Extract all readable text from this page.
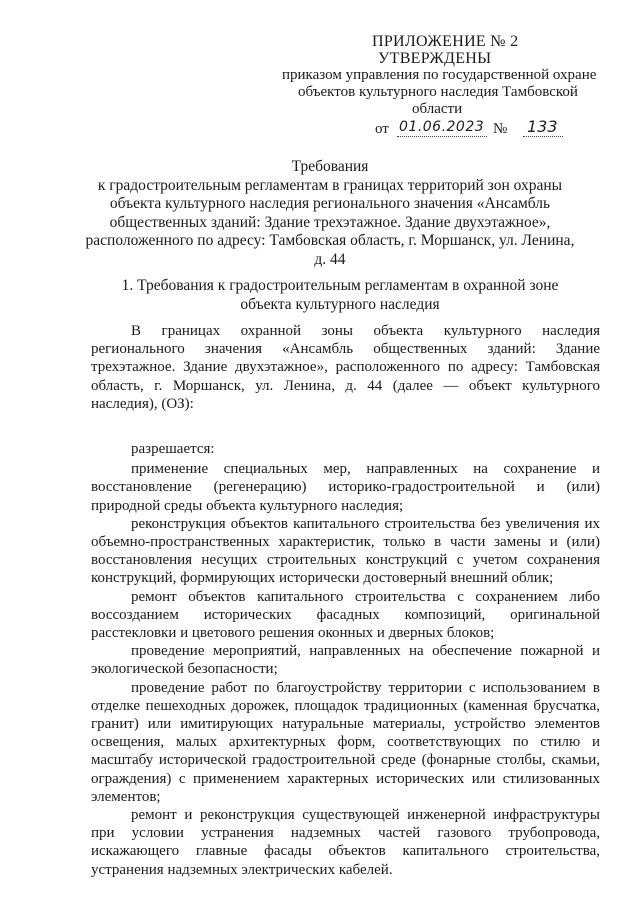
ПРИЛОЖЕНИЕ № 2
УТВЕРЖДЕНЫ
приказом управления по государственной охране
объектов культурного наследия Тамбовской
области
от 01.06.2023 № 133
Требования
к градостроительным регламентам в границах территорий зон охраны
объекта культурного наследия регионального значения «Ансамбль
общественных зданий: Здание трехэтажное. Здание двухэтажное»,
расположенного по адресу: Тамбовская область, г. Моршанск, ул. Ленина,
д. 44
1. Требования к градостроительным регламентам в охранной зоне
объекта культурного наследия

В границах охранной зоны объекта культурного наследия
регионального значения «Ансамбль общественных зданий: Здание
трехэтажное. Здание двухэтажное», расположенного по адресу: Тамбовская
область, г. Моршанск, ул. Ленина, д. 44 (далее — объект культурного
наследия), (ОЗ):

разрешается:

применение специальных мер, направленных на сохранение и
восстановление (регенерацию) историко-градостроительной и (или)
природной среды объекта культурного наследия;

реконструкция объектов капитального строительства без увеличения их
объемно-пространственных характеристик, только в части замены и (или)
восстановления несущих строительных конструкций с учетом сохранения
конструкций, формирующих исторически достоверный внешний облик;

ремонт объектов капитального строительства с сохранением либо
воссозданием исторических фасадных композиций, оригинальной
расстекловки и цветового решения оконных и дверных блоков;

проведение мероприятий, направленных на обеспечение пожарной и
экологической безопасности;

проведение работ по благоустройству территории с использованием в
отделке пешеходных дорожек, площадок традиционных (каменная брусчатка,
гранит) или имитирующих натуральные материалы, устройство элементов
освещения, малых архитектурных форм, соответствующих по стилю и
масштабу исторической градостроительной среде (фонарные столбы, скамьи,
ограждения) с применением характерных исторических или стилизованных
элементов;

ремонт и реконструкция существующей инженерной инфраструктуры
при условии устранения надземных частей газового трубопровода,
искажающего главные фасады объектов капитального строительства,
устранения надземных электрических кабелей.
